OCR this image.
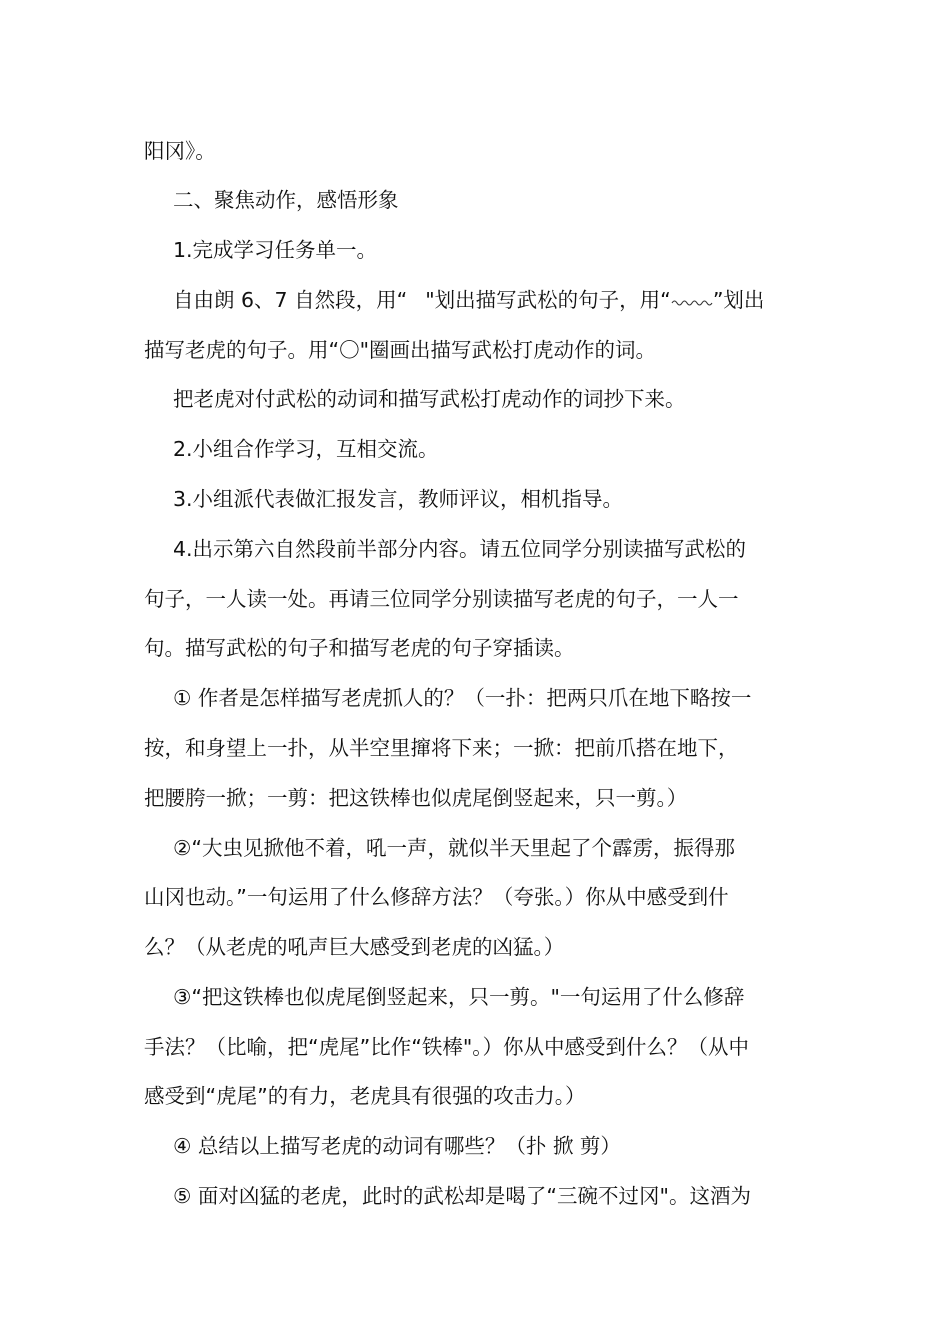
阳冈》。
二、聚焦动作，感悟形象
1.完成学习任务单一。
自由朗 6、7 自然段，用“ "划出描写武松的句子，用“ ”划出
描写老虎的句子。用“〇"圈画出描写武松打虎动作的词。
把老虎对付武松的动词和描写武松打虎动作的词抄下来。
2.小组合作学习，互相交流。
3.小组派代表做汇报发言，教师评议，相机指导。
4.出示第六自然段前半部分内容。请五位同学分别读描写武松的
句子，一人读一处。再请三位同学分别读描写老虎的句子，一人一
句。描写武松的句子和描写老虎的句子穿插读。
① 作者是怎样描写老虎抓人的？（一扑：把两只爪在地下略按一
按，和身望上一扑，从半空里撺将下来；一掀：把前爪搭在地下，
把腰胯一掀；一剪：把这铁棒也似虎尾倒竖起来，只一剪。）
②“大虫见掀他不着，吼一声，就似半天里起了个霹雳，振得那
山冈也动。”一句运用了什么修辞方法？（夸张。）你从中感受到什
么？（从老虎的吼声巨大感受到老虎的凶猛。）
③“把这铁棒也似虎尾倒竖起来，只一剪。"一句运用了什么修辞
手法？（比喻，把“虎尾”比作“铁棒"。）你从中感受到什么？（从中
感受到“虎尾”的有力，老虎具有很强的攻击力。）
④ 总结以上描写老虎的动词有哪些？（扑 掀 剪）
⑤ 面对凶猛的老虎，此时的武松却是喝了“三碗不过冈"。这酒为
